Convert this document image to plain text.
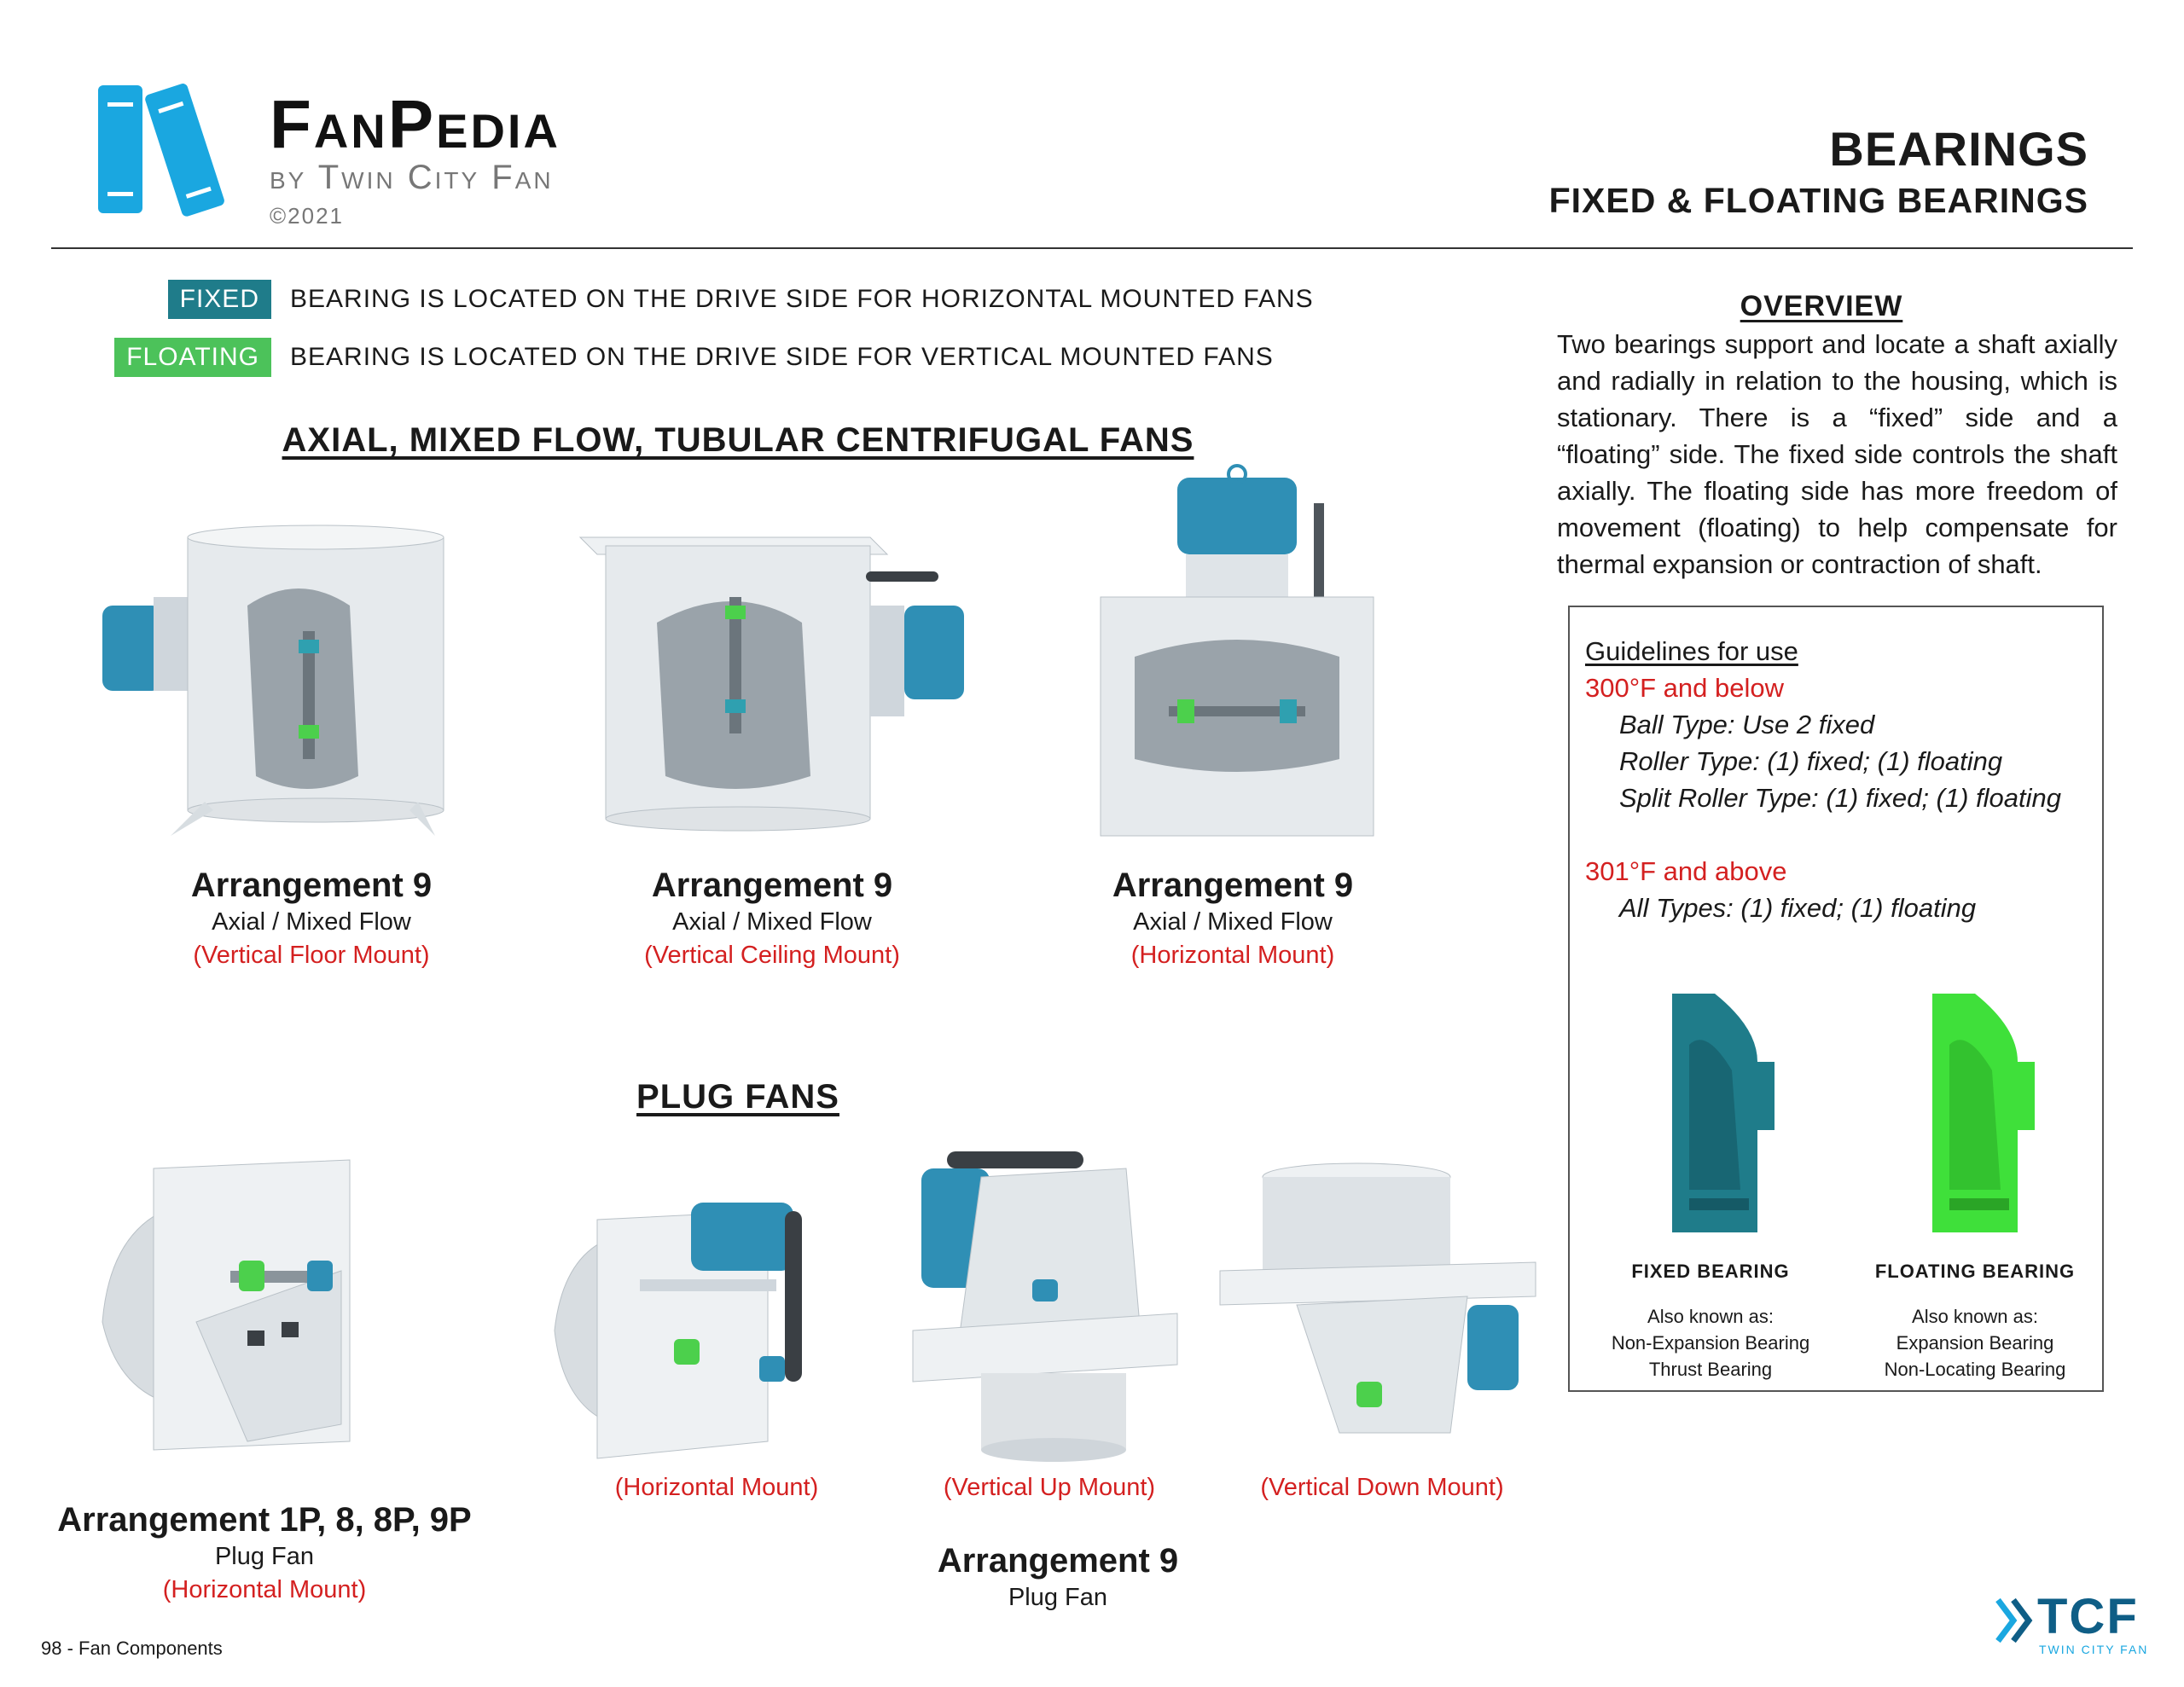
FanPedia
by Twin City Fan
©2021
BEARINGS
FIXED & FLOATING BEARINGS
FIXED	BEARING IS LOCATED ON THE DRIVE SIDE FOR HORIZONTAL MOUNTED FANS
FLOATING	BEARING IS LOCATED ON THE DRIVE SIDE FOR VERTICAL MOUNTED FANS
AXIAL, MIXED FLOW, TUBULAR CENTRIFUGAL FANS
Arrangement 9
Axial / Mixed Flow
(Vertical Floor Mount)
Arrangement 9
Axial / Mixed Flow
(Vertical Ceiling Mount)
Arrangement 9
Axial / Mixed Flow
(Horizontal Mount)
PLUG FANS
Arrangement 1P, 8, 8P, 9P
Plug Fan
(Horizontal Mount)
(Horizontal Mount)	(Vertical Up Mount)	(Vertical Down Mount)
Arrangement 9
Plug Fan
OVERVIEW
Two bearings support and locate a shaft axially and radially in relation to the housing, which is stationary. There is a “fixed” side and a “floating” side. The fixed side controls the shaft axially. The floating side has more freedom of movement (floating) to help compensate for thermal expansion or contraction of shaft.
Guidelines for use
300°F and below
Ball Type: Use 2 fixed
Roller Type: (1) fixed; (1) floating
Split Roller Type: (1) fixed; (1) floating
301°F and above
All Types: (1) fixed; (1) floating
FIXED BEARING
Also known as:
Non-Expansion Bearing
Thrust Bearing
FLOATING BEARING
Also known as:
Expansion Bearing
Non-Locating Bearing
98 - Fan Components
TCF
TWIN CITY FAN
